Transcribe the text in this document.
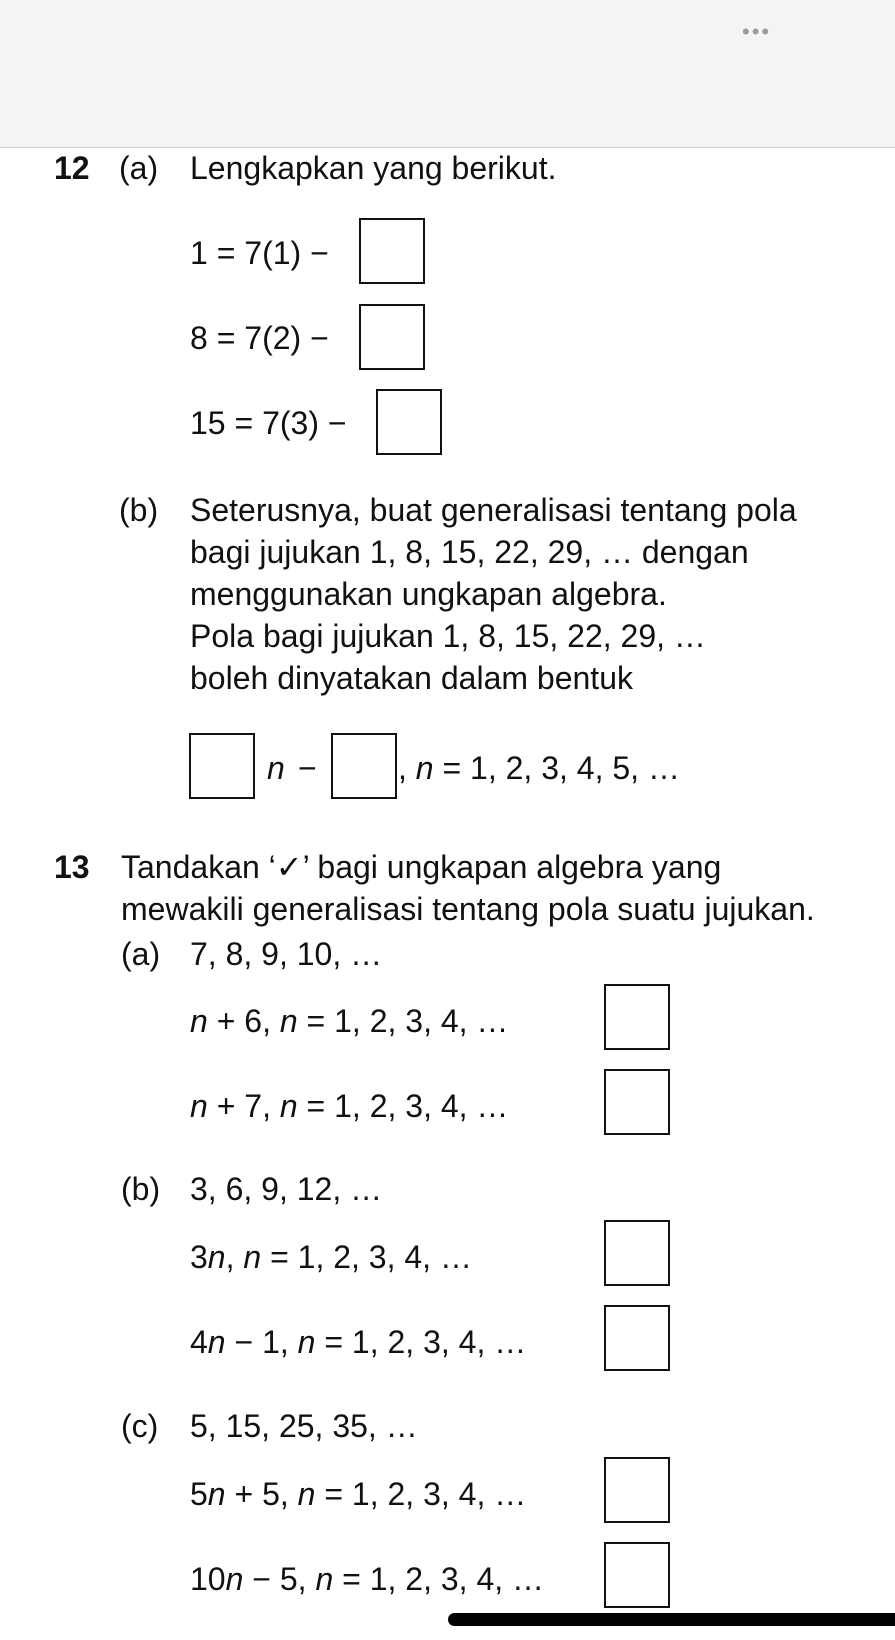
•••
12 (a) Lengkapkan yang berikut.
1 = 7(1) −
8 = 7(2) −
15 = 7(3) −
(b) Seterusnya, buat generalisasi tentang pola
bagi jujukan 1, 8, 15, 22, 29, … dengan
menggunakan ungkapan algebra.
Pola bagi jujukan 1, 8, 15, 22, 29, …
boleh dinyatakan dalam bentuk
n −	, n = 1, 2, 3, 4, 5, …
13 Tandakan ‘✓’ bagi ungkapan algebra yang
mewakili generalisasi tentang pola suatu jujukan.
(a) 7, 8, 9, 10, …
n + 6, n = 1, 2, 3, 4, …
n + 7, n = 1, 2, 3, 4, …
(b) 3, 6, 9, 12, …
3n, n = 1, 2, 3, 4, …
4n − 1, n = 1, 2, 3, 4, …
(c) 5, 15, 25, 35, …
5n + 5, n = 1, 2, 3, 4, …
10n − 5, n = 1, 2, 3, 4, …
